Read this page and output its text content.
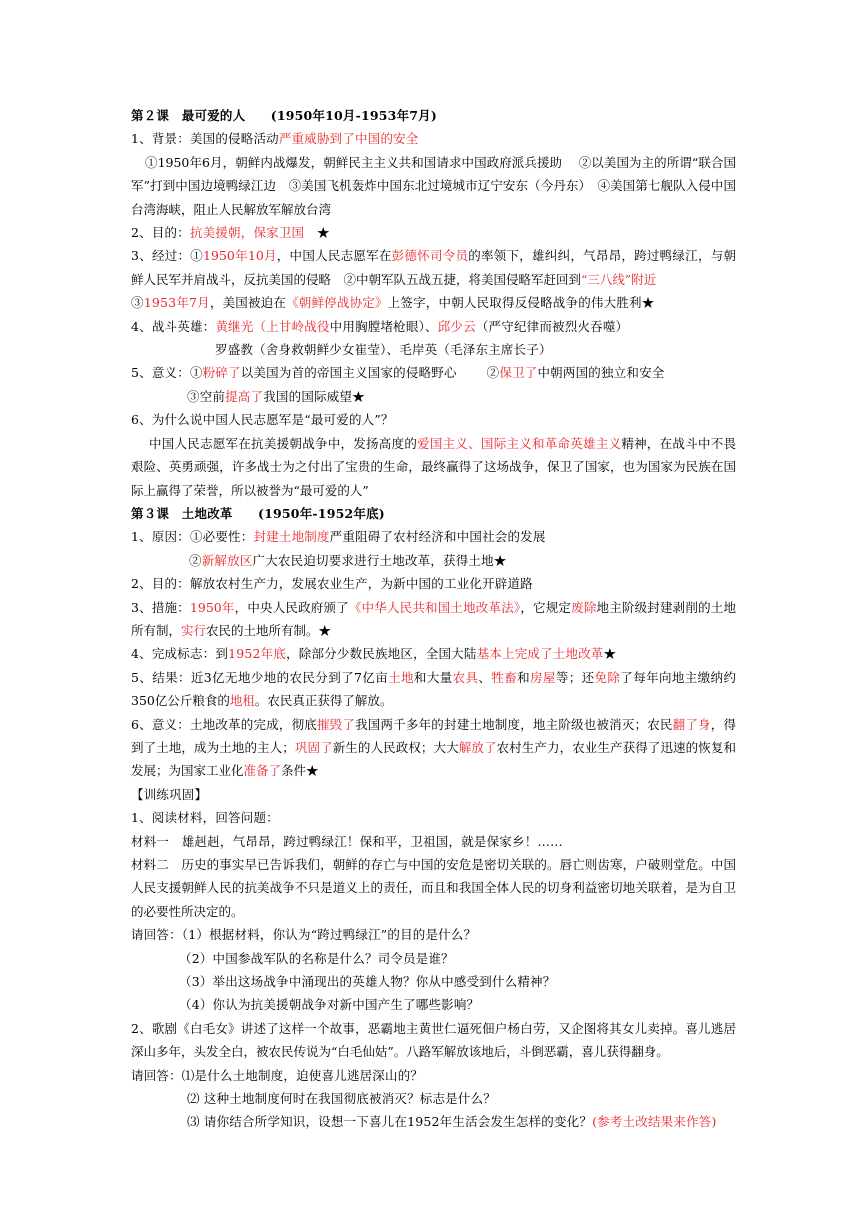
第２课　最可爱的人　　(1950年10月-1953年7月)
1、背景：美国的侵略活动严重威胁到了中国的安全
①1950年6月，朝鲜内战爆发，朝鲜民主主义共和国请求中国政府派兵援助　 ②以美国为主的所谓“联合国军”打到中国边境鸭绿江边　③美国飞机轰炸中国东北过境城市辽宁安东（今丹东）　④美国第七舰队入侵中国台湾海峡，阻止人民解放军解放台湾
2、目的：抗美援朝，保家卫国　★
3、经过：①1950年10月，中国人民志愿军在彭德怀司令员的率领下，雄纠纠，气昂昂，跨过鸭绿江，与朝鲜人民军并肩战斗，反抗美国的侵略　②中朝军队五战五捷，将美国侵略军赶回到“三八线”附近
③1953年7月，美国被迫在《朝鲜停战协定》上签字，中朝人民取得反侵略战争的伟大胜利★
4、战斗英雄：黄继光（上甘岭战役中用胸膛堵枪眼）、邱少云（严守纪律而被烈火吞噬）
罗盛教（舍身救朝鲜少女崔莹）、毛岸英（毛泽东主席长子）
5、意义：①粉碎了以美国为首的帝国主义国家的侵略野心 ②保卫了中朝两国的独立和安全
③空前提高了我国的国际威望★
6、为什么说中国人民志愿军是“最可爱的人”？
中国人民志愿军在抗美援朝战争中，发扬高度的爱国主义、国际主义和革命英雄主义精神，在战斗中不畏艰险、英勇顽强，许多战士为之付出了宝贵的生命，最终赢得了这场战争，保卫了国家，也为国家为民族在国际上赢得了荣誉，所以被誉为“最可爱的人”
第３课　土地改革　　(1950年-1952年底)
1、原因：①必要性：封建土地制度严重阻碍了农村经济和中国社会的发展
②新解放区广大农民迫切要求进行土地改革，获得土地★
2、目的：解放农村生产力，发展农业生产，为新中国的工业化开辟道路
3、措施：1950年，中央人民政府颁了《中华人民共和国土地改革法》，它规定废除地主阶级封建剥削的土地所有制，实行农民的土地所有制。★
4、完成标志：到1952年底，除部分少数民族地区，全国大陆基本上完成了土地改革★
5、结果：近3亿无地少地的农民分到了7亿亩土地和大量农具、牲畜和房屋等；还免除了每年向地主缴纳约350亿公斤粮食的地租。农民真正获得了解放。
6、意义：土地改革的完成，彻底摧毁了我国两千多年的封建土地制度，地主阶级也被消灭；农民翻了身，得到了土地，成为土地的主人；巩固了新生的人民政权；大大解放了农村生产力，农业生产获得了迅速的恢复和发展；为国家工业化准备了条件★
【训练巩固】
1、阅读材料，回答问题：
材料一　雄赳赳，气昂昂，跨过鸭绿江！保和平，卫祖国，就是保家乡！……
材料二　历史的事实早已告诉我们，朝鲜的存亡与中国的安危是密切关联的。唇亡则齿寒，户破则堂危。中国人民支援朝鲜人民的抗美战争不只是道义上的责任，而且和我国全体人民的切身利益密切地关联着，是为自卫的必要性所决定的。
请回答：（1）根据材料，你认为“跨过鸭绿江”的目的是什么？
（2）中国参战军队的名称是什么？司令员是谁？
（3）举出这场战争中涌现出的英雄人物？你从中感受到什么精神？
（4）你认为抗美援朝战争对新中国产生了哪些影响？
2、歌剧《白毛女》讲述了这样一个故事，恶霸地主黄世仁逼死佃户杨白劳，又企图将其女儿卖掉。喜儿逃居深山多年，头发全白，被农民传说为“白毛仙姑”。八路军解放该地后，斗倒恶霸，喜儿获得翻身。
请回答：⑴是什么土地制度，迫使喜儿逃居深山的？
⑵ 这种土地制度何时在我国彻底被消灭？标志是什么？
⑶ 请你结合所学知识，设想一下喜儿在1952年生活会发生怎样的变化？(参考土改结果来作答)
